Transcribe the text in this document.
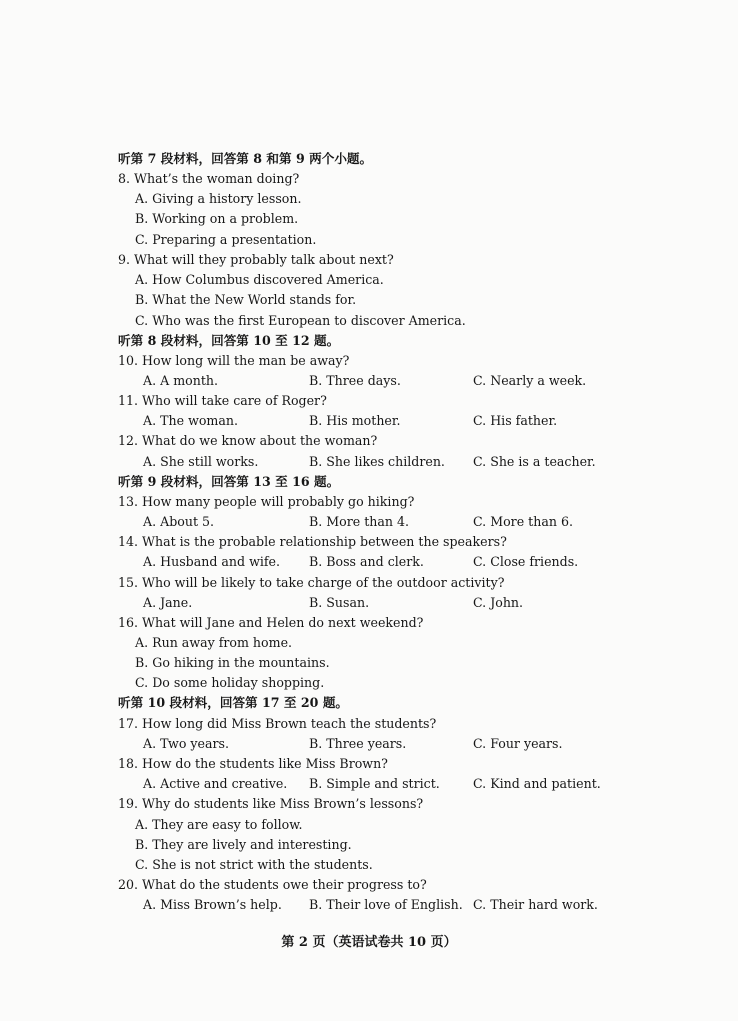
听第 7 段材料，回答第 8 和第 9 两个小题。
8. What’s the woman doing?
A. Giving a history lesson.
B. Working on a problem.
C. Preparing a presentation.
9. What will they probably talk about next?
A. How Columbus discovered America.
B. What the New World stands for.
C. Who was the first European to discover America.
听第 8 段材料，回答第 10 至 12 题。
10. How long will the man be away?
A. A month.	B. Three days.	C. Nearly a week.
11. Who will take care of Roger?
A. The woman.	B. His mother.	C. His father.
12. What do we know about the woman?
A. She still works.	B. She likes children. C. She is a teacher.
听第 9 段材料，回答第 13 至 16 题。
13. How many people will probably go hiking?
A. About 5.	B. More than 4.	C. More than 6.
14. What is the probable relationship between the speakers?
A. Husband and wife. B. Boss and clerk.	C. Close friends.
15. Who will be likely to take charge of the outdoor activity?
A. Jane.	B. Susan.	C. John.
16. What will Jane and Helen do next weekend?
A. Run away from home.
B. Go hiking in the mountains.
C. Do some holiday shopping.
听第 10 段材料，回答第 17 至 20 题。
17. How long did Miss Brown teach the students?
A. Two years.	B. Three years.	C. Four years.
18. How do the students like Miss Brown?
A. Active and creative. B. Simple and strict.	C. Kind and patient.
19. Why do students like Miss Brown’s lessons?
A. They are easy to follow.
B. They are lively and interesting.
C. She is not strict with the students.
20. What do the students owe their progress to?
A. Miss Brown’s help. B. Their love of English. C. Their hard work.
第 2 页（英语试卷共 10 页）
